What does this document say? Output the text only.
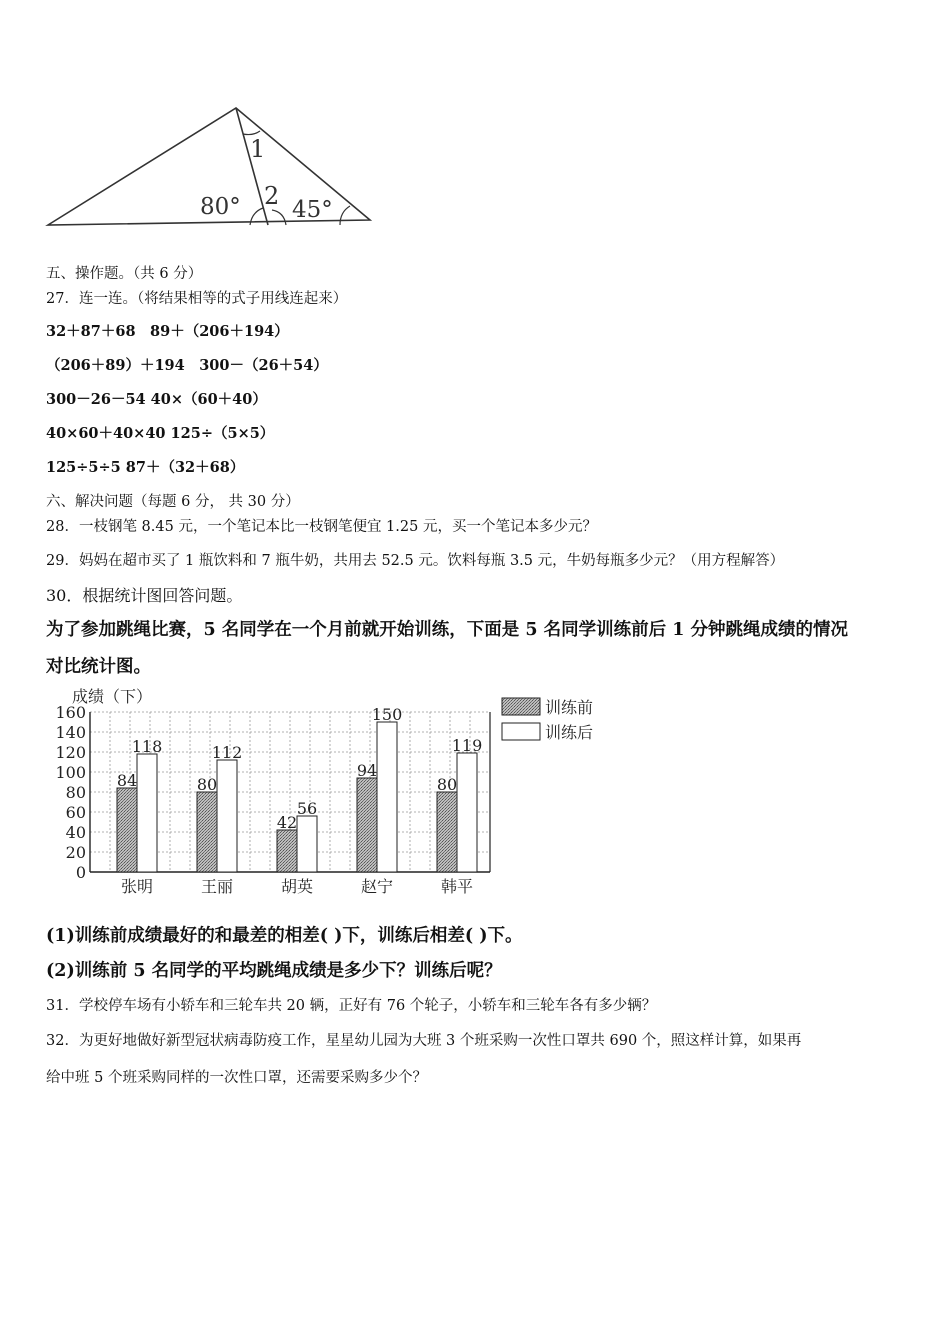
1
2
80° 45°
五、操作题。（共 6 分）
27．连一连。（将结果相等的式子用线连起来）
32＋87＋68　89＋（206＋194）
（206＋89）＋194　300－（26＋54）
300－26－54 40×（60＋40）
40×60＋40×40 125÷（5×5）
125÷5÷5 87＋（32＋68）
六、解决问题（每题 6 分， 共 30 分）
28．一枝钢笔 8.45 元，一个笔记本比一枝钢笔便宜 1.25 元，买一个笔记本多少元？
29．妈妈在超市买了 1 瓶饮料和 7 瓶牛奶，共用去 52.5 元。饮料每瓶 3.5 元，牛奶每瓶多少元？（用方程解答）
30．根据统计图回答问题。
为了参加跳绳比赛，5 名同学在一个月前就开始训练，下面是 5 名同学训练前后 1 分钟跳绳成绩的情况
对比统计图。
0
20
40
60
80
100
120
140
160
84
118
80
112
42
56
94
150
80
119
张明	王丽	胡英	赵宁	韩平
成绩（下）
训练前
训练后
(1)训练前成绩最好的和最差的相差( )下，训练后相差( )下。
(2)训练前 5 名同学的平均跳绳成绩是多少下？训练后呢？
31．学校停车场有小轿车和三轮车共 20 辆，正好有 76 个轮子，小轿车和三轮车各有多少辆？
32．为更好地做好新型冠状病毒防疫工作，星星幼儿园为大班 3 个班采购一次性口罩共 690 个，照这样计算，如果再
给中班 5 个班采购同样的一次性口罩，还需要采购多少个？
